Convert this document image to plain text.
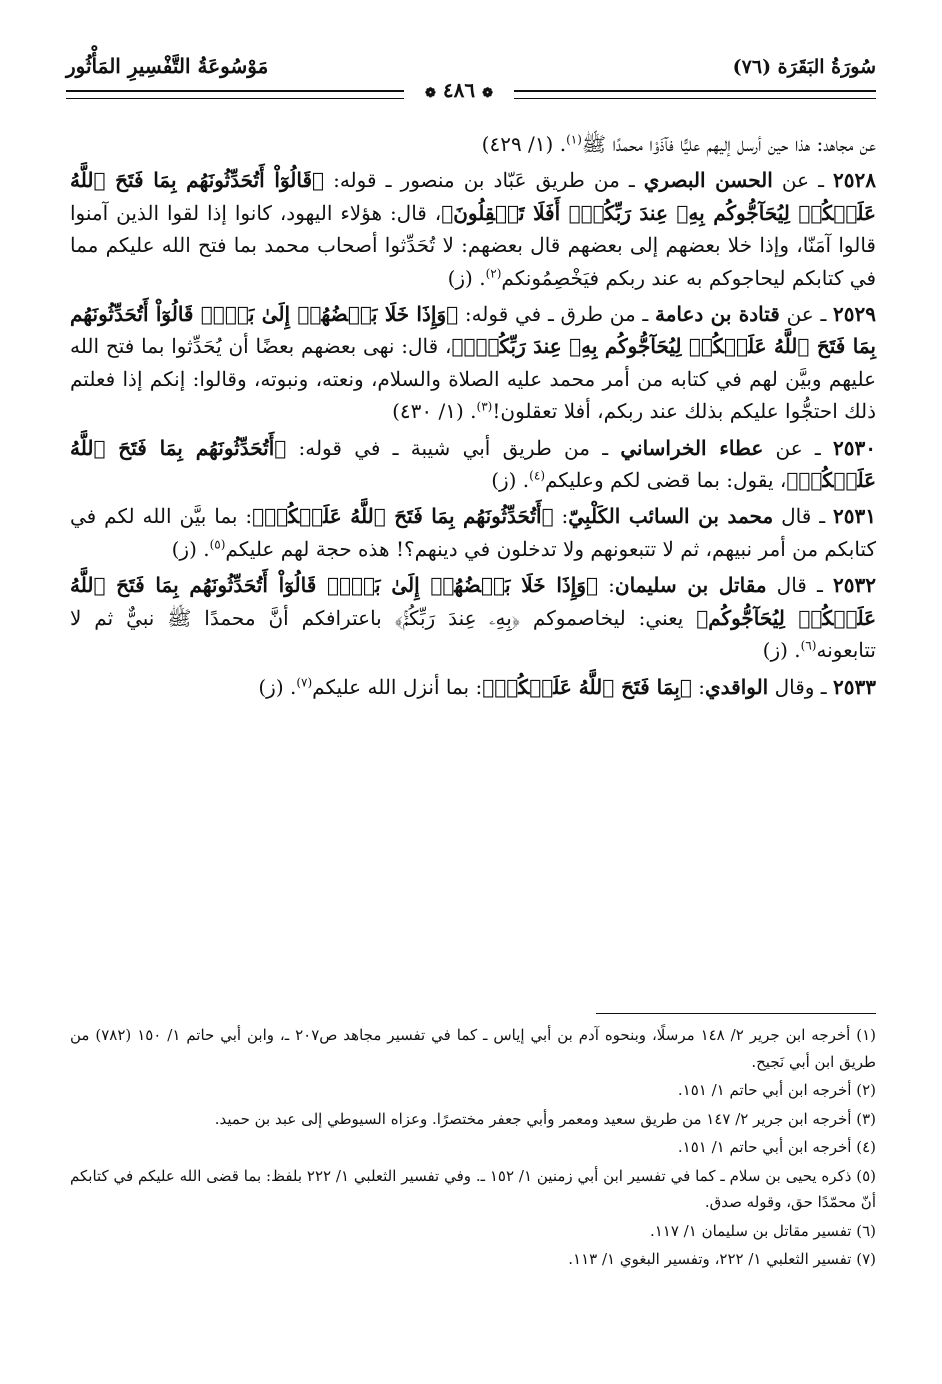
سُورَةُ البَقَرَة (٧٦)
مَوْسُوعَةُ التَّفْسِيرِ المَأْثُور
❁ ٤٨٦ ❁

عن مجاهد: هذا حين أرسل إليهم عليًّا فآذَوْا محمدًا ﷺ$^{(١)}$. (١/ ٤٢٩)

٢٥٢٨ ـ عن الحسن البصري ـ من طريق عَبّاد بن منصور ـ قوله: ﴿قَالُوٓاْ أَتُحَدِّثُونَهُم بِمَا فَتَحَ ٱللَّهُ عَلَيۡكُمۡ لِيُحَآجُّوكُم بِهِۦ عِندَ رَبِّكُمۡۚ أَفَلَا تَعۡقِلُونَ﴾، قال: هؤلاء اليهود، كانوا إذا لقوا الذين آمنوا قالوا آمَنّا، وإذا خلا بعضهم إلى بعضهم قال بعضهم: لا تُحَدِّثوا أصحاب محمد بما فتح الله عليكم مما في كتابكم ليحاجوكم به عند ربكم فيَخْصِمُونكم$^{(٢)}$. (ز)

٢٥٢٩ ـ عن قتادة بن دعامة ـ من طرق ـ في قوله: ﴿وَإِذَا خَلَا بَعۡضُهُمۡ إِلَىٰ بَعۡضٖ قَالُوٓاْ أَتُحَدِّثُونَهُم بِمَا فَتَحَ ٱللَّهُ عَلَيۡكُمۡ لِيُحَآجُّوكُم بِهِۦ عِندَ رَبِّكُمۡۚ﴾، قال: نهى بعضهم بعضًا أن يُحَدِّثوا بما فتح الله عليهم وبيَّن لهم في كتابه من أمر محمد عليه الصلاة والسلام، ونعته، ونبوته، وقالوا: إنكم إذا فعلتم ذلك احتجُّوا عليكم بذلك عند ربكم، أفلا تعقلون!$^{(٣)}$. (١/ ٤٣٠)

٢٥٣٠ ـ عن عطاء الخراساني ـ من طريق أبي شيبة ـ في قوله: ﴿أَتُحَدِّثُونَهُم بِمَا فَتَحَ ٱللَّهُ عَلَيۡكُمۡ﴾، يقول: بما قضى لكم وعليكم$^{(٤)}$. (ز)

٢٥٣١ ـ قال محمد بن السائب الكَلْبِيّ: ﴿أَتُحَدِّثُونَهُم بِمَا فَتَحَ ٱللَّهُ عَلَيۡكُمۡ﴾: بما بيَّن الله لكم في كتابكم من أمر نبيهم، ثم لا تتبعونهم ولا تدخلون في دينهم؟! هذه حجة لهم عليكم$^{(٥)}$. (ز)

٢٥٣٢ ـ قال مقاتل بن سليمان: ﴿وَإِذَا خَلَا بَعۡضُهُمۡ إِلَىٰ بَعۡضٖ قَالُوٓاْ أَتُحَدِّثُونَهُم بِمَا فَتَحَ ٱللَّهُ عَلَيۡكُمۡ لِيُحَآجُّوكُم﴾ يعني: ليخاصموكم ﴿بِهِۦ عِندَ رَبِّكُمۡۚ﴾ باعترافكم أنَّ محمدًا ﷺ نبيٌّ ثم لا تتابعونه$^{(٦)}$. (ز)

٢٥٣٣ ـ وقال الواقدي: ﴿بِمَا فَتَحَ ٱللَّهُ عَلَيۡكُمۡ﴾: بما أنزل الله عليكم$^{(٧)}$. (ز)

(١) أخرجه ابن جرير ٢/ ١٤٨ مرسلًا، وبنحوه آدم بن أبي إياس ـ كما في تفسير مجاهد ص٢٠٧ ـ، وابن أبي حاتم ١/ ١٥٠ (٧٨٢) من طريق ابن أبي نَجيح.

(٢) أخرجه ابن أبي حاتم ١/ ١٥١.

(٣) أخرجه ابن جرير ٢/ ١٤٧ من طريق سعيد ومعمر وأبي جعفر مختصرًا. وعزاه السيوطي إلى عبد بن حميد.

(٤) أخرجه ابن أبي حاتم ١/ ١٥١.

(٥) ذكره يحيى بن سلام ـ كما في تفسير ابن أبي زمنين ١/ ١٥٢ ـ. وفي تفسير الثعلبي ١/ ٢٢٢ بلفظ: بما قضى الله عليكم في كتابكم أنّ محمّدًا حق، وقوله صدق.

(٦) تفسير مقاتل بن سليمان ١/ ١١٧.

(٧) تفسير الثعلبي ١/ ٢٢٢، وتفسير البغوي ١/ ١١٣.
